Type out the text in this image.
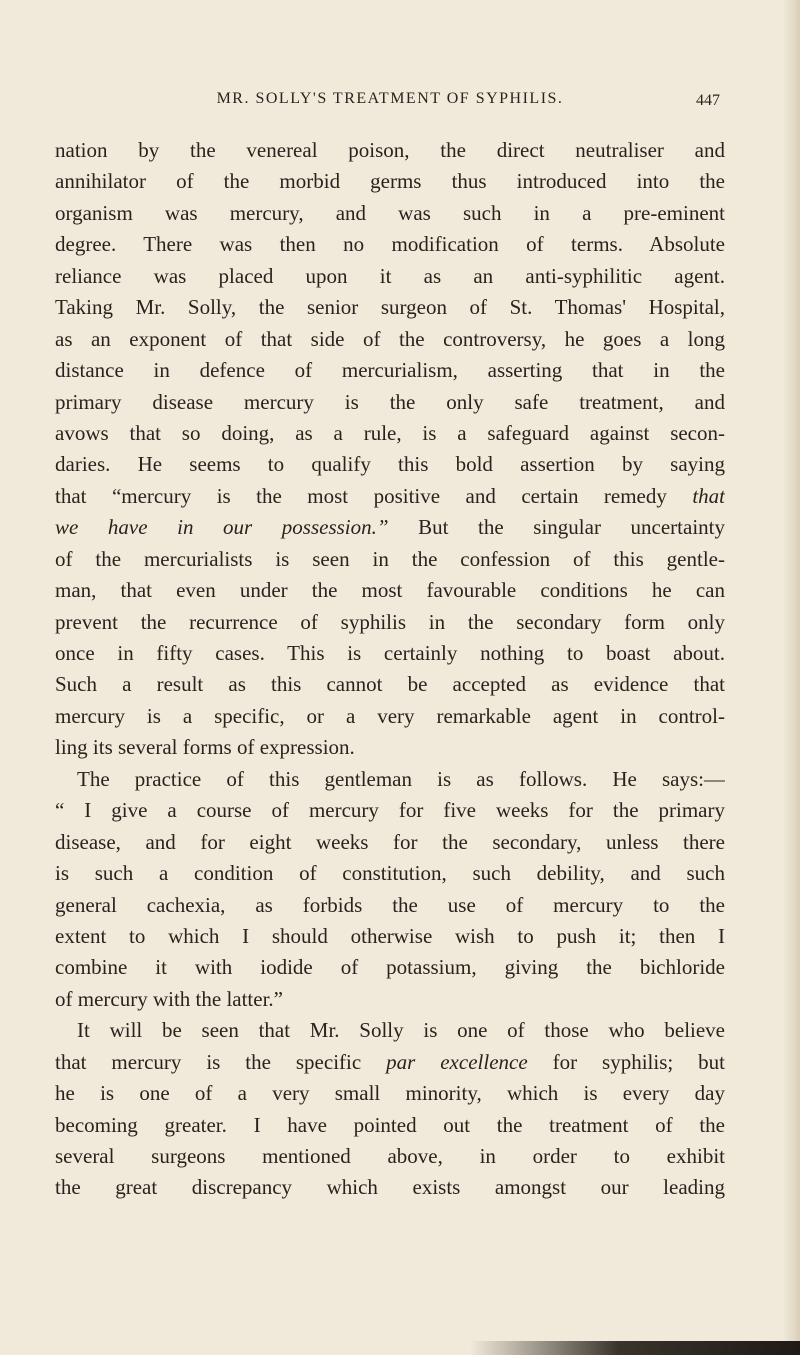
MR. SOLLY'S TREATMENT OF SYPHILIS.	447
nation by the venereal poison, the direct neutraliser and
annihilator of the morbid germs thus introduced into the
organism was mercury, and was such in a pre-eminent
degree. There was then no modification of terms. Absolute
reliance was placed upon it as an anti-syphilitic agent.
Taking Mr. Solly, the senior surgeon of St. Thomas' Hospital,
as an exponent of that side of the controversy, he goes a long
distance in defence of mercurialism, asserting that in the
primary disease mercury is the only safe treatment, and
avows that so doing, as a rule, is a safeguard against secon-
daries. He seems to qualify this bold assertion by saying
that “mercury is the most positive and certain remedy that
we have in our possession.” But the singular uncertainty
of the mercurialists is seen in the confession of this gentle-
man, that even under the most favourable conditions he can
prevent the recurrence of syphilis in the secondary form only
once in fifty cases. This is certainly nothing to boast about.
Such a result as this cannot be accepted as evidence that
mercury is a specific, or a very remarkable agent in control-
ling its several forms of expression.
The practice of this gentleman is as follows. He says:—
“ I give a course of mercury for five weeks for the primary
disease, and for eight weeks for the secondary, unless there
is such a condition of constitution, such debility, and such
general cachexia, as forbids the use of mercury to the
extent to which I should otherwise wish to push it; then I
combine it with iodide of potassium, giving the bichloride
of mercury with the latter.”
It will be seen that Mr. Solly is one of those who believe
that mercury is the specific par excellence for syphilis; but
he is one of a very small minority, which is every day
becoming greater. I have pointed out the treatment of the
several surgeons mentioned above, in order to exhibit
the great discrepancy which exists amongst our leading
